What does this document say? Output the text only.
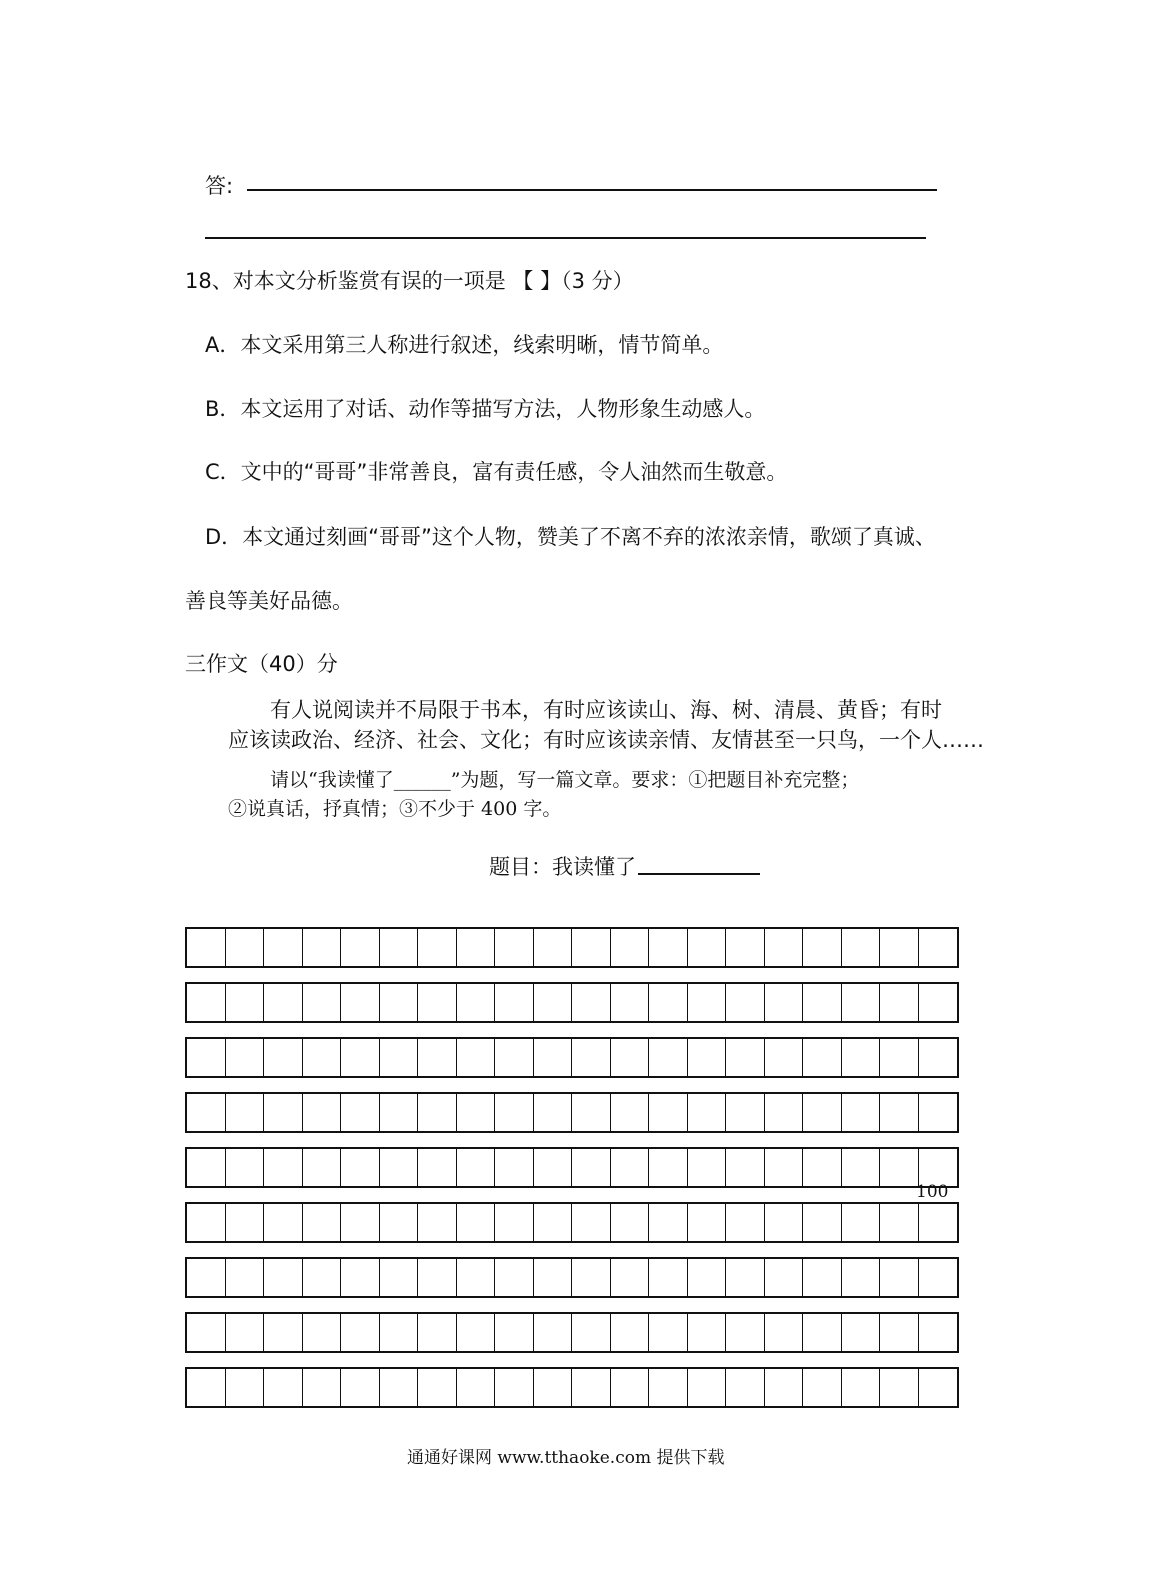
答:
18、对本文分析鉴赏有误的一项是 【 】（3 分）
A．本文采用第三人称进行叙述，线索明晰，情节简单。
B．本文运用了对话、动作等描写方法，人物形象生动感人。
C．文中的“哥哥”非常善良，富有责任感，令人油然而生敬意。
D．本文通过刻画“哥哥”这个人物，赞美了不离不弃的浓浓亲情，歌颂了真诚、
善良等美好品德。
三作文（40）分
有人说阅读并不局限于书本，有时应该读山、海、树、清晨、黄昏；有时
应该读政治、经济、社会、文化；有时应该读亲情、友情甚至一只鸟，一个人……
请以“我读懂了______”为题，写一篇文章。要求：①把题目补充完整；
②说真话，抒真情；③不少于 400 字。
题目：我读懂了
100
通通好课网 www.tthaoke.com 提供下载
